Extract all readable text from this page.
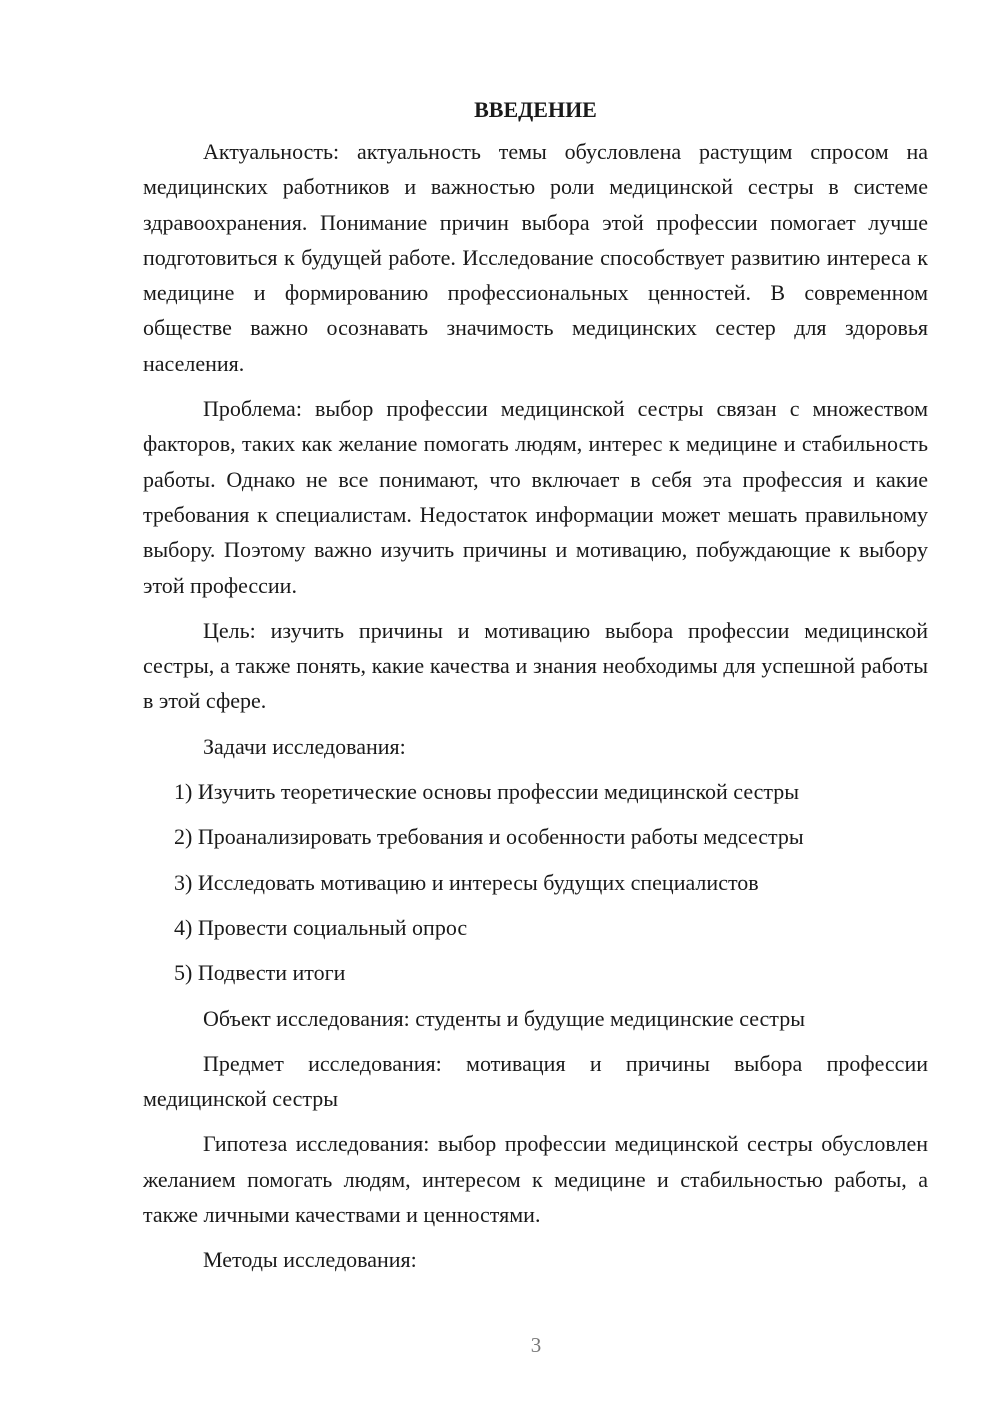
ВВЕДЕНИЕ

Актуальность: актуальность темы обусловлена растущим спросом на медицинских работников и важностью роли медицинской сестры в системе здравоохранения. Понимание причин выбора этой профессии помогает лучше подготовиться к будущей работе. Исследование способствует развитию интереса к медицине и формированию профессиональных ценностей. В современном обществе важно осознавать значимость медицинских сестер для здоровья населения.

Проблема: выбор профессии медицинской сестры связан с множеством факторов, таких как желание помогать людям, интерес к медицине и стабильность работы. Однако не все понимают, что включает в себя эта профессия и какие требования к специалистам. Недостаток информации может мешать правильному выбору. Поэтому важно изучить причины и мотивацию, побуждающие к выбору этой профессии.

Цель: изучить причины и мотивацию выбора профессии медицинской сестры, а также понять, какие качества и знания необходимы для успешной работы в этой сфере.

Задачи исследования:

1) Изучить теоретические основы профессии медицинской сестры
2) Проанализировать требования и особенности работы медсестры
3) Исследовать мотивацию и интересы будущих специалистов
4) Провести социальный опрос
5) Подвести итоги

Объект исследования: студенты и будущие медицинские сестры

Предмет исследования: мотивация и причины выбора профессии медицинской сестры

Гипотеза исследования: выбор профессии медицинской сестры обусловлен желанием помогать людям, интересом к медицине и стабильностью работы, а также личными качествами и ценностями.

Методы исследования:

3
